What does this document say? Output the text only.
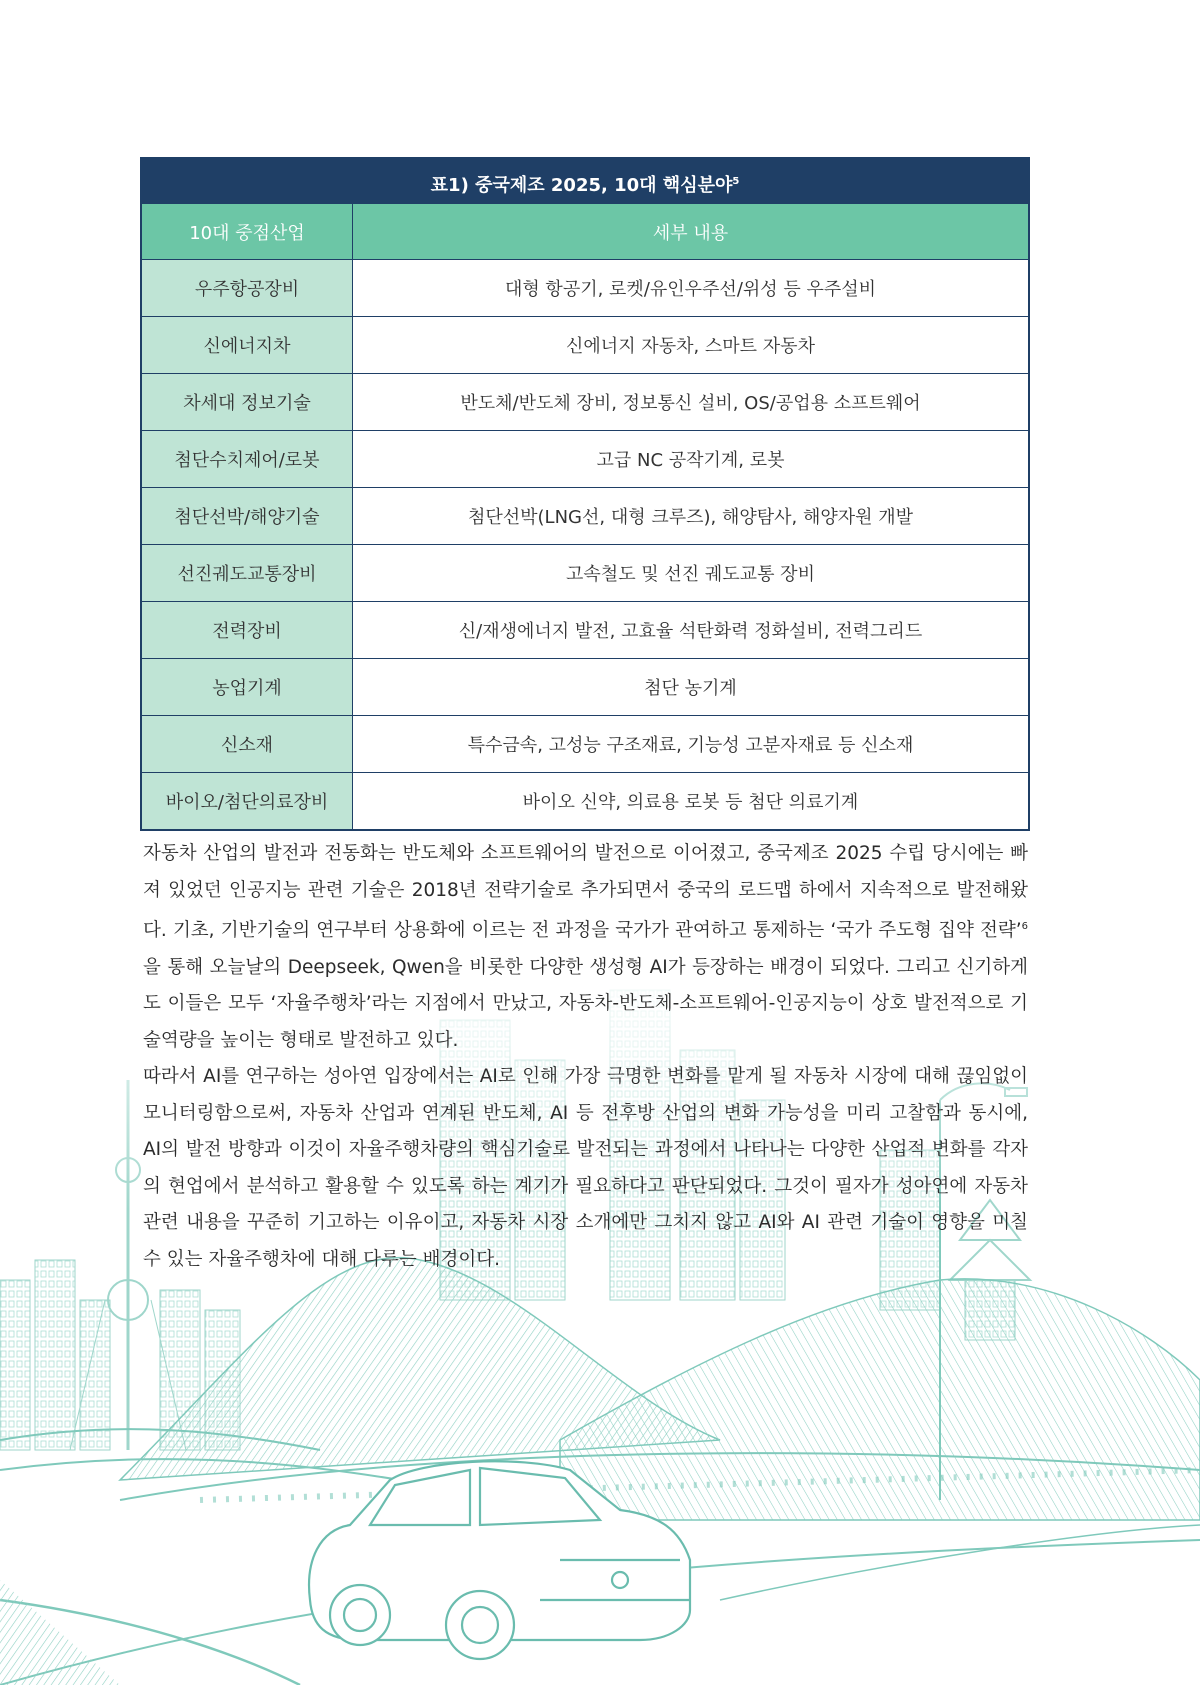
표1) 중국제조 2025, 10대 핵심분야$^5$
10대 중점산업	세부 내용
우주항공장비	대형 항공기, 로켓/유인우주선/위성 등 우주설비
신에너지차	신에너지 자동차, 스마트 자동차
차세대 정보기술	반도체/반도체 장비, 정보통신 설비, OS/공업용 소프트웨어
첨단수치제어/로봇	고급 NC 공작기계, 로봇
첨단선박/해양기술	첨단선박(LNG선, 대형 크루즈), 해양탐사, 해양자원 개발
선진궤도교통장비	고속철도 및 선진 궤도교통 장비
전력장비	신/재생에너지 발전, 고효율 석탄화력 정화설비, 전력그리드
농업기계	첨단 농기계
신소재	특수금속, 고성능 구조재료, 기능성 고분자재료 등 신소재
바이오/첨단의료장비	바이오 신약, 의료용 로봇 등 첨단 의료기계

자동차 산업의 발전과 전동화는 반도체와 소프트웨어의 발전으로 이어졌고, 중국제조 2025 수립 당시에는 빠져 있었던 인공지능 관련 기술은 2018년 전략기술로 추가되면서 중국의 로드맵 하에서 지속적으로 발전해왔다. 기초, 기반기술의 연구부터 상용화에 이르는 전 과정을 국가가 관여하고 통제하는 ‘국가 주도형 집약 전략’$^6$을 통해 오늘날의 Deepseek, Qwen을 비롯한 다양한 생성형 AI가 등장하는 배경이 되었다. 그리고 신기하게도 이들은 모두 ‘자율주행차’라는 지점에서 만났고, 자동차-반도체-소프트웨어-인공지능이 상호 발전적으로 기술역량을 높이는 형태로 발전하고 있다.

따라서 AI를 연구하는 성아연 입장에서는 AI로 인해 가장 극명한 변화를 맡게 될 자동차 시장에 대해 끊임없이 모니터링함으로써, 자동차 산업과 연계된 반도체, AI 등 전후방 산업의 변화 가능성을 미리 고찰함과 동시에, AI의 발전 방향과 이것이 자율주행차량의 핵심기술로 발전되는 과정에서 나타나는 다양한 산업적 변화를 각자의 현업에서 분석하고 활용할 수 있도록 하는 계기가 필요하다고 판단되었다. 그것이 필자가 성아연에 자동차 관련 내용을 꾸준히 기고하는 이유이고, 자동차 시장 소개에만 그치지 않고 AI와 AI 관련 기술이 영향을 미칠 수 있는 자율주행차에 대해 다루는 배경이다.
